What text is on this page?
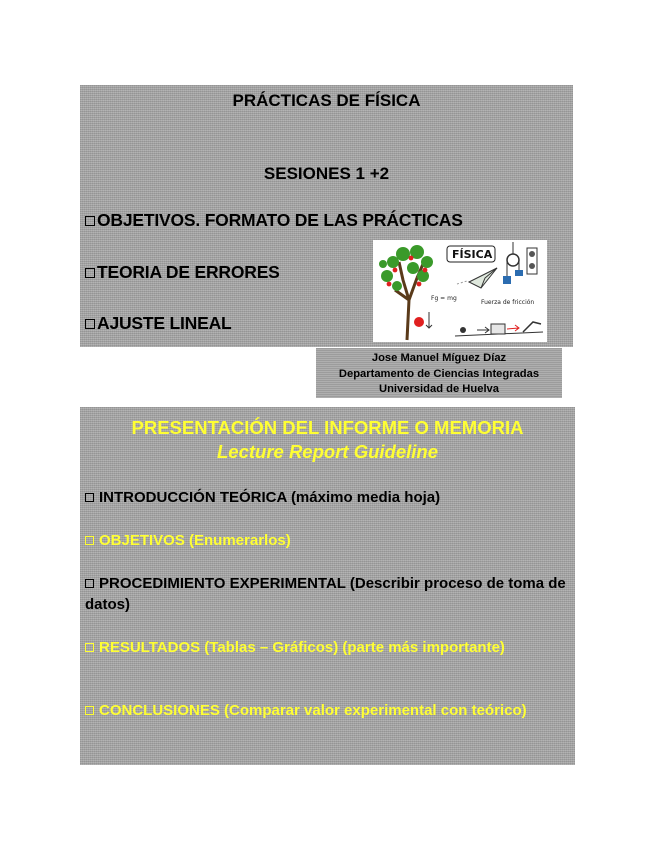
PRÁCTICAS DE FÍSICA
SESIONES 1 +2
OBJETIVOS. FORMATO DE LAS PRÁCTICAS
TEORIA DE ERRORES
AJUSTE LINEAL
Fg = mg
FÍSICA
Fuerza de fricción
Jose Manuel Míguez Díaz
Departamento de Ciencias Integradas
Universidad de Huelva
PRESENTACIÓN DEL INFORME O MEMORIA
Lecture Report Guideline
INTRODUCCIÓN TEÓRICA (máximo media hoja)
OBJETIVOS (Enumerarlos)
PROCEDIMIENTO EXPERIMENTAL (Describir proceso de toma de datos)
RESULTADOS (Tablas – Gráficos) (parte más importante)
CONCLUSIONES (Comparar valor experimental con teórico)
